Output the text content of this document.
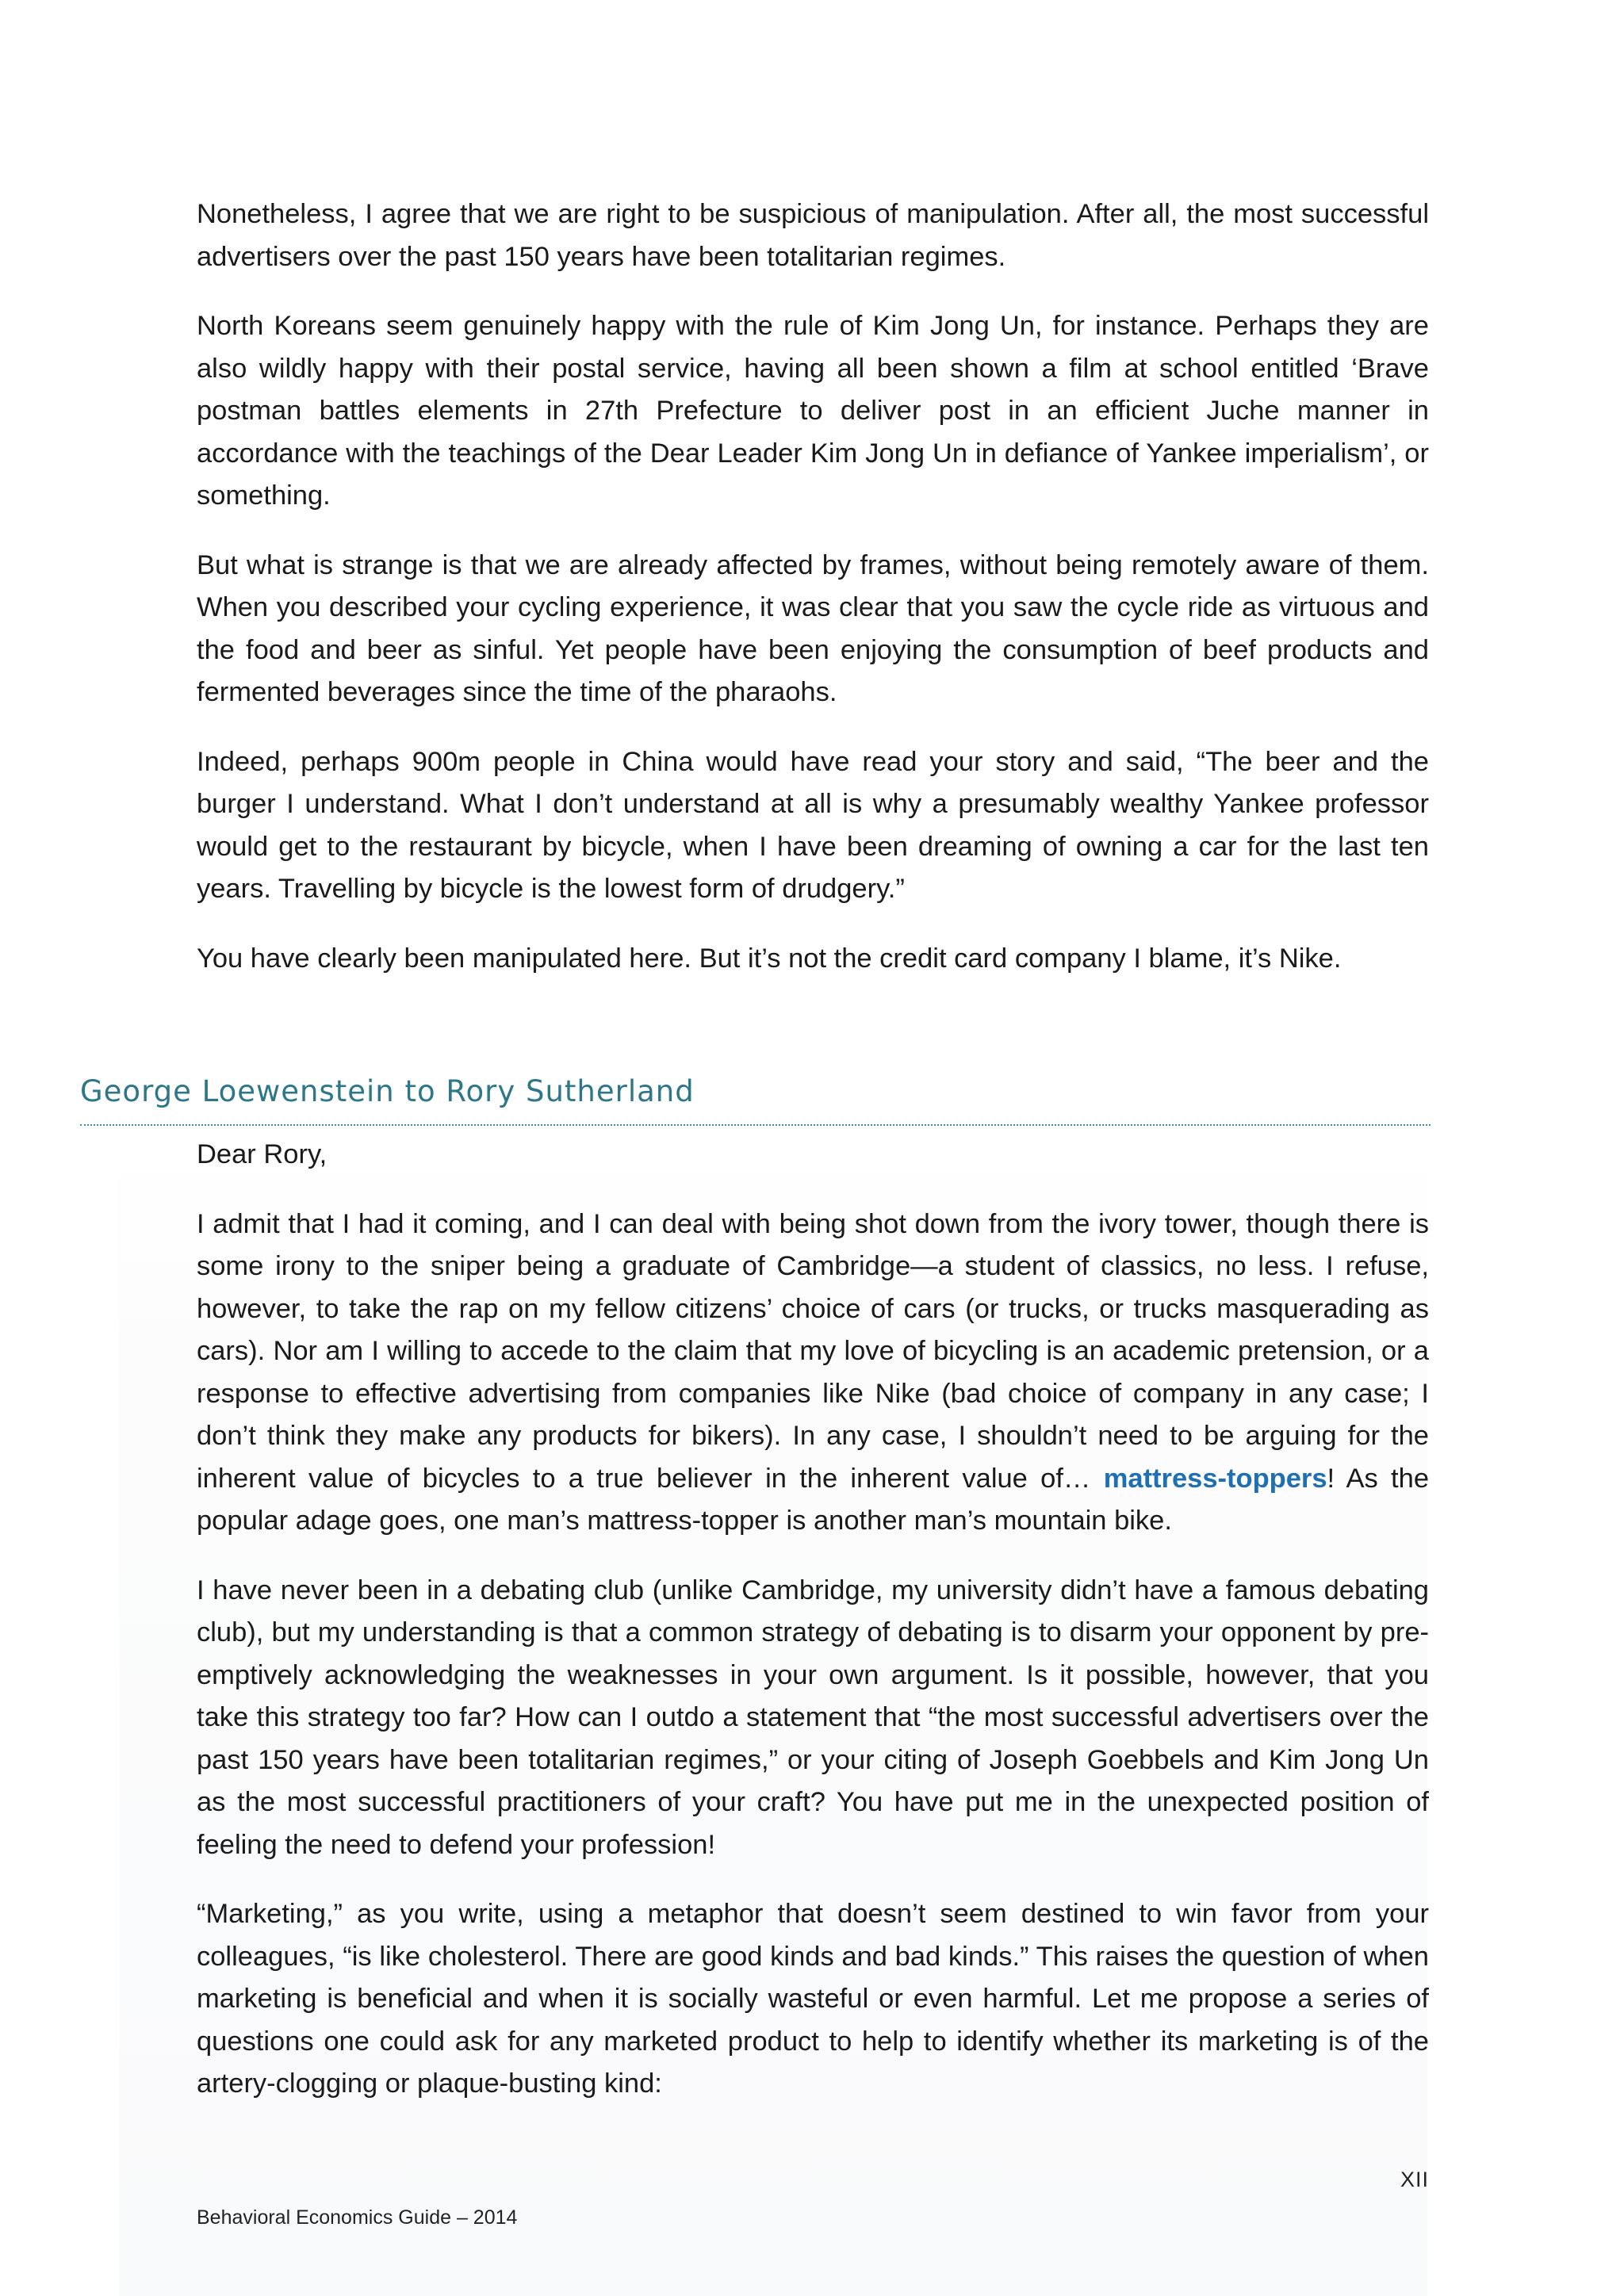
Nonetheless, I agree that we are right to be suspicious of manipulation. After all, the most successful advertisers over the past 150 years have been totalitarian regimes.

North Koreans seem genuinely happy with the rule of Kim Jong Un, for instance. Perhaps they are also wildly happy with their postal service, having all been shown a film at school entitled ‘Brave postman battles elements in 27th Prefecture to deliver post in an efficient Juche manner in accordance with the teachings of the Dear Leader Kim Jong Un in defiance of Yankee imperialism’, or something.

But what is strange is that we are already affected by frames, without being remotely aware of them. When you described your cycling experience, it was clear that you saw the cycle ride as virtuous and the food and beer as sinful. Yet people have been enjoying the consumption of beef products and fermented beverages since the time of the pharaohs.

Indeed, perhaps 900m people in China would have read your story and said, “The beer and the burger I understand. What I don’t understand at all is why a presumably wealthy Yankee professor would get to the restaurant by bicycle, when I have been dreaming of owning a car for the last ten years. Travelling by bicycle is the lowest form of drudgery.”

You have clearly been manipulated here. But it’s not the credit card company I blame, it’s Nike.

George Loewenstein to Rory Sutherland

Dear Rory,

I admit that I had it coming, and I can deal with being shot down from the ivory tower, though there is some irony to the sniper being a graduate of Cambridge—a student of classics, no less. I refuse, however, to take the rap on my fellow citizens’ choice of cars (or trucks, or trucks masquerading as cars). Nor am I willing to accede to the claim that my love of bicycling is an academic pretension, or a response to effective advertising from companies like Nike (bad choice of company in any case; I don’t think they make any products for bikers). In any case, I shouldn’t need to be arguing for the inherent value of bicycles to a true believer in the inherent value of… mattress-toppers! As the popular adage goes, one man’s mattress-topper is another man’s mountain bike.

I have never been in a debating club (unlike Cambridge, my university didn’t have a famous debating club), but my understanding is that a common strategy of debating is to disarm your opponent by pre-emptively acknowledging the weaknesses in your own argument. Is it possible, however, that you take this strategy too far? How can I outdo a statement that “the most successful advertisers over the past 150 years have been totalitarian regimes,” or your citing of Joseph Goebbels and Kim Jong Un as the most successful practitioners of your craft? You have put me in the unexpected position of feeling the need to defend your profession!

“Marketing,” as you write, using a metaphor that doesn’t seem destined to win favor from your colleagues, “is like cholesterol. There are good kinds and bad kinds.” This raises the question of when marketing is beneficial and when it is socially wasteful or even harmful. Let me propose a series of questions one could ask for any marketed product to help to identify whether its marketing is of the artery-clogging or plaque-busting kind:

XII
Behavioral Economics Guide – 2014
